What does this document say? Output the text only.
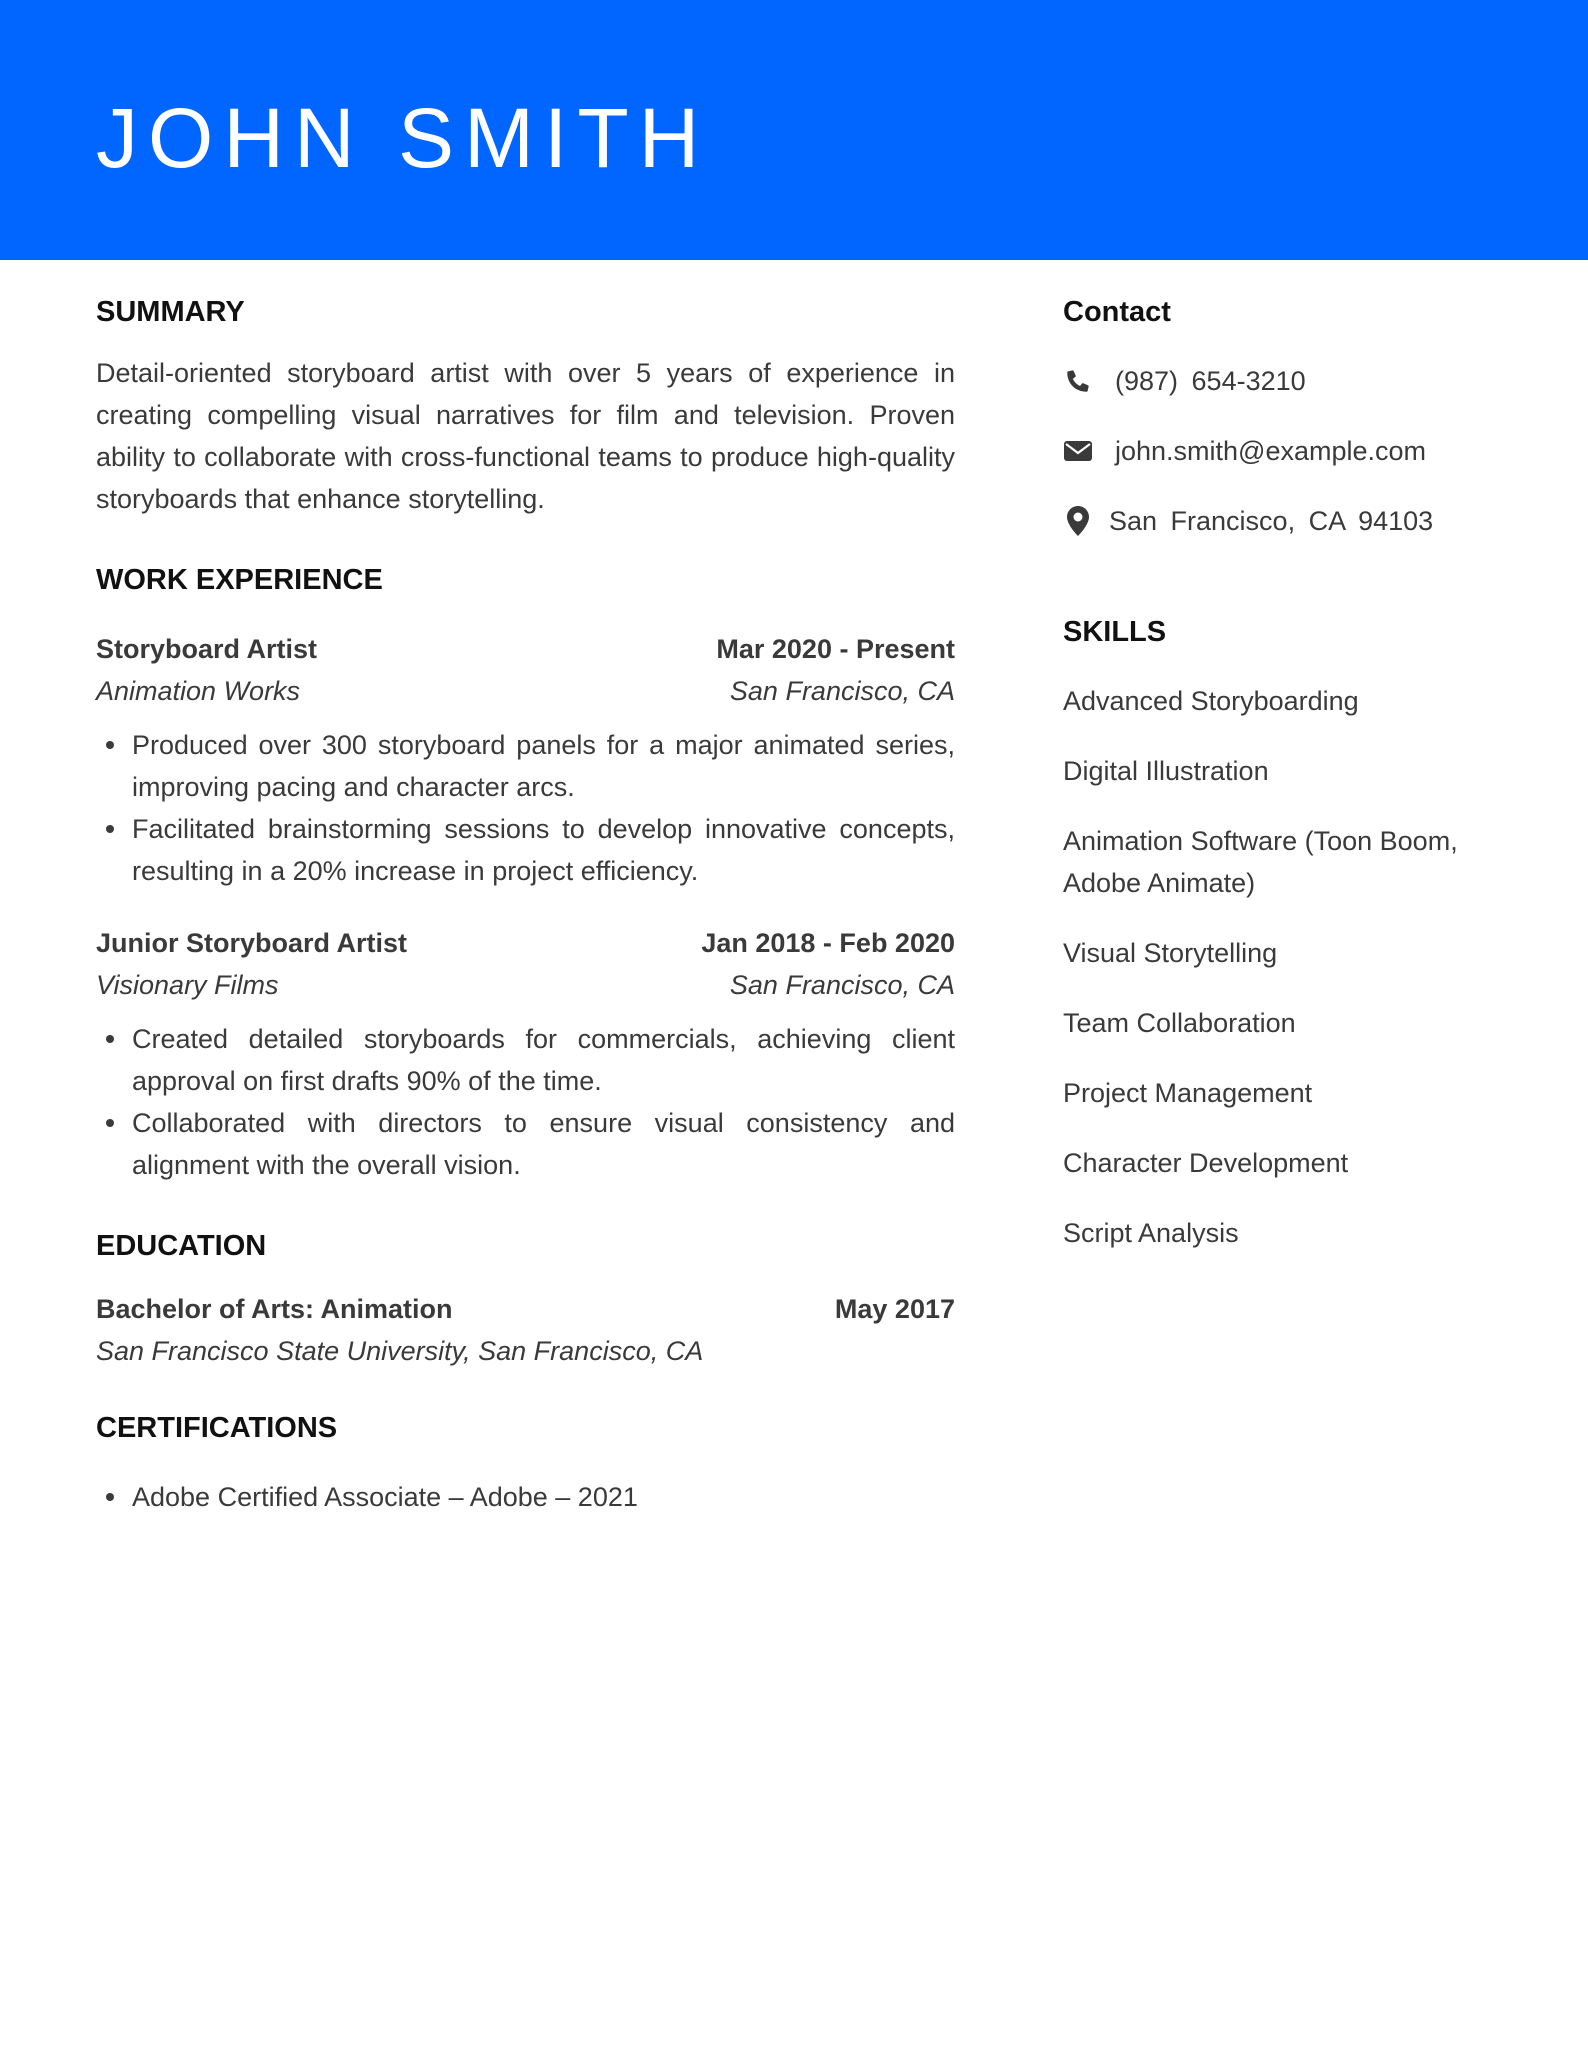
JOHN SMITH
SUMMARY
Detail-oriented storyboard artist with over 5 years of experience in creating compelling visual narratives for film and television. Proven ability to collaborate with cross-functional teams to produce high-quality storyboards that enhance storytelling.
WORK EXPERIENCE
Storyboard Artist	Mar 2020 - Present
Animation Works	San Francisco, CA
Produced over 300 storyboard panels for a major animated series, improving pacing and character arcs.
Facilitated brainstorming sessions to develop innovative concepts, resulting in a 20% increase in project efficiency.
Junior Storyboard Artist	Jan 2018 - Feb 2020
Visionary Films	San Francisco, CA
Created detailed storyboards for commercials, achieving client approval on first drafts 90% of the time.
Collaborated with directors to ensure visual consistency and alignment with the overall vision.
EDUCATION
Bachelor of Arts: Animation	May 2017
San Francisco State University, San Francisco, CA
CERTIFICATIONS
Adobe Certified Associate – Adobe – 2021
Contact
(987) 654-3210
john.smith@example.com
San Francisco, CA 94103
SKILLS
Advanced Storyboarding
Digital Illustration
Animation Software (Toon Boom, Adobe Animate)
Visual Storytelling
Team Collaboration
Project Management
Character Development
Script Analysis
